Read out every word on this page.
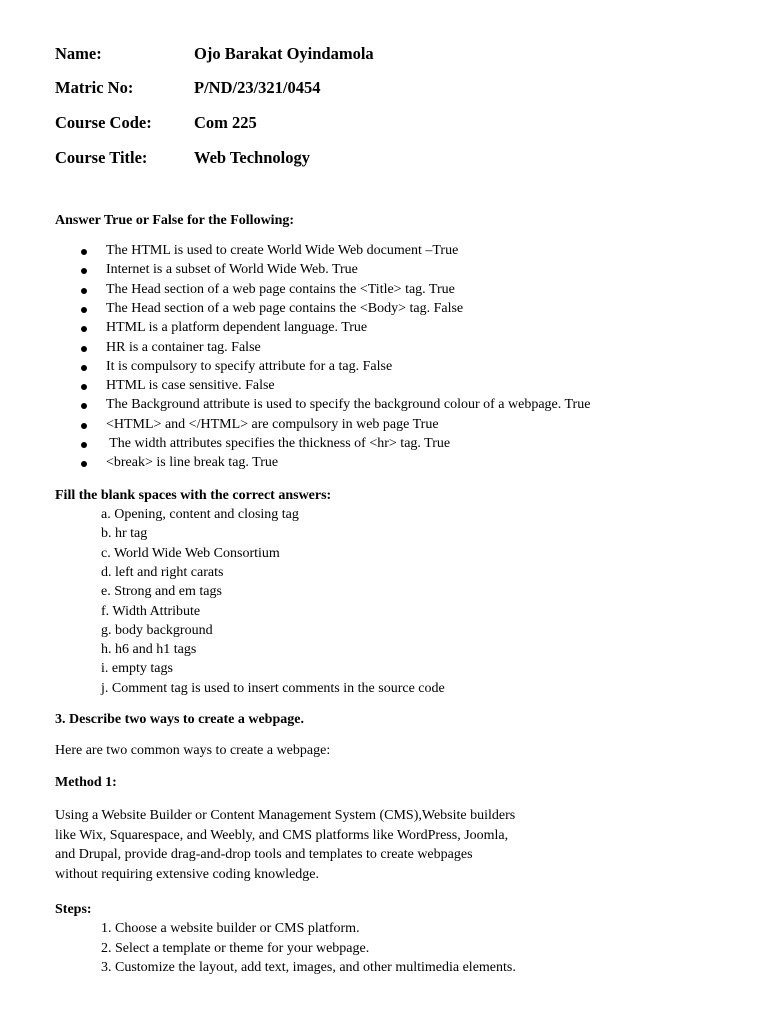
Name:	Ojo Barakat Oyindamola
Matric No:	P/ND/23/321/0454
Course Code:	Com 225
Course Title:	Web Technology
Answer True or False for the Following:
The HTML is used to create World Wide Web document –True
Internet is a subset of World Wide Web. True
The Head section of a web page contains the <Title> tag. True
The Head section of a web page contains the <Body> tag. False
HTML is a platform dependent language. True
HR is a container tag. False
It is compulsory to specify attribute for a tag. False
HTML is case sensitive. False
The Background attribute is used to specify the background colour of a webpage. True
<HTML> and </HTML> are compulsory in web page True
The width attributes specifies the thickness of <hr> tag. True
<break> is line break tag. True
Fill the blank spaces with the correct answers:
a. Opening, content and closing tag
b. hr tag
c. World Wide Web Consortium
d. left and right carats
e. Strong and em tags
f. Width Attribute
g. body background
h. h6 and h1 tags
i. empty tags
j. Comment tag is used to insert comments in the source code
3. Describe two ways to create a webpage.
Here are two common ways to create a webpage:
Method 1:
Using a Website Builder or Content Management System (CMS),Website builders
like Wix, Squarespace, and Weebly, and CMS platforms like WordPress, Joomla,
and Drupal, provide drag-and-drop tools and templates to create webpages
without requiring extensive coding knowledge.
Steps:
1. Choose a website builder or CMS platform.
2. Select a template or theme for your webpage.
3. Customize the layout, add text, images, and other multimedia elements.
